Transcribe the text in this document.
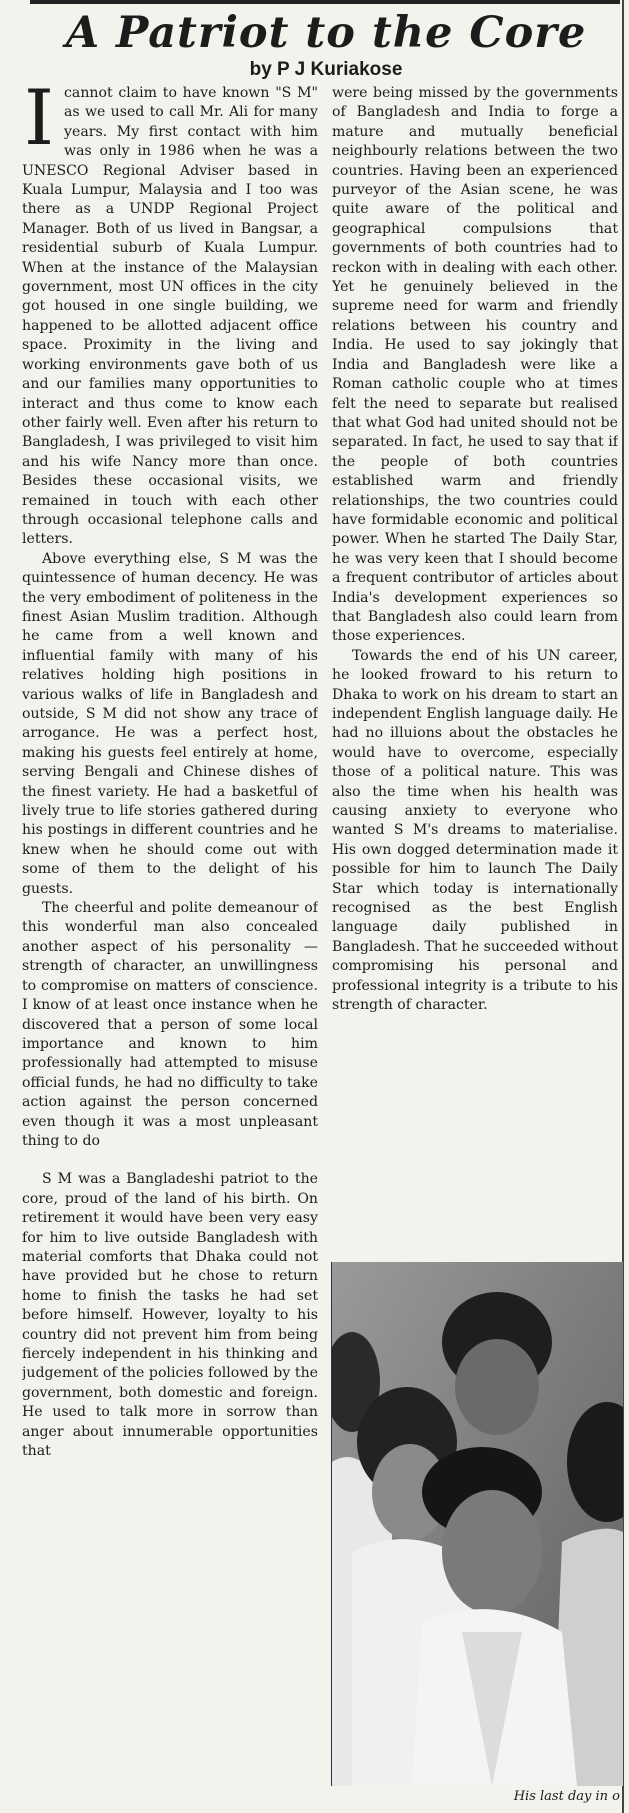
A Patriot to the Core
by P J Kuriakose

Icannot claim to have known "S M" as we used to call Mr. Ali for many years. My first contact with him was only in 1986 when he was a UNESCO Regional Adviser based in Kuala Lumpur, Malaysia and I too was there as a UNDP Regional Project Manager. Both of us lived in Bangsar, a residential suburb of Kuala Lumpur. When at the instance of the Malaysian government, most UN offices in the city got housed in one single building, we happened to be allotted adjacent office space. Proximity in the living and working environments gave both of us and our families many opportunities to interact and thus come to know each other fairly well. Even after his return to Bangladesh, I was privileged to visit him and his wife Nancy more than once. Besides these occasional visits, we remained in touch with each other through occasional telephone calls and letters.

Above everything else, S M was the quintessence of human decency. He was the very embodiment of politeness in the finest Asian Muslim tradition. Although he came from a well known and influential family with many of his relatives holding high positions in various walks of life in Bangladesh and outside, S M did not show any trace of arrogance. He was a perfect host, making his guests feel entirely at home, serving Bengali and Chinese dishes of the finest variety. He had a basketful of lively true to life stories gathered during his postings in different countries and he knew when he should come out with some of them to the delight of his guests.

The cheerful and polite demeanour of this wonderful man also concealed another aspect of his personality — strength of character, an unwillingness to compromise on matters of conscience. I know of at least once instance when he discovered that a person of some local importance and known to him professionally had attempted to misuse official funds, he had no difficulty to take action against the person concerned even though it was a most unpleasant thing to do

S M was a Bangladeshi patriot to the core, proud of the land of his birth. On retirement it would have been very easy for him to live outside Bangladesh with material comforts that Dhaka could not have provided but he chose to return home to finish the tasks he had set before himself. However, loyalty to his country did not prevent him from being fiercely independent in his thinking and judgement of the policies followed by the government, both domestic and foreign. He used to talk more in sorrow than anger about innumerable opportunities that

were being missed by the governments of Bangladesh and India to forge a mature and mutually beneficial neighbourly relations between the two countries. Having been an experienced purveyor of the Asian scene, he was quite aware of the political and geographical compulsions that governments of both countries had to reckon with in dealing with each other. Yet he genuinely believed in the supreme need for warm and friendly relations between his country and India. He used to say jokingly that India and Bangladesh were like a Roman catholic couple who at times felt the need to separate but realised that what God had united should not be separated. In fact, he used to say that if the people of both countries established warm and friendly relationships, the two countries could have formidable economic and political power. When he started The Daily Star, he was very keen that I should become a frequent contributor of articles about India's development experiences so that Bangladesh also could learn from those experiences.

Towards the end of his UN career, he looked froward to his return to Dhaka to work on his dream to start an independent English language daily. He had no illuions about the obstacles he would have to overcome, especially those of a political nature. This was also the time when his health was causing anxiety to everyone who wanted S M's dreams to materialise. His own dogged determination made it possible for him to launch The Daily Star which today is internationally recognised as the best English language daily published in Bangladesh. That he succeeded without compromising his personal and professional integrity is a tribute to his strength of character.

His last day in o
